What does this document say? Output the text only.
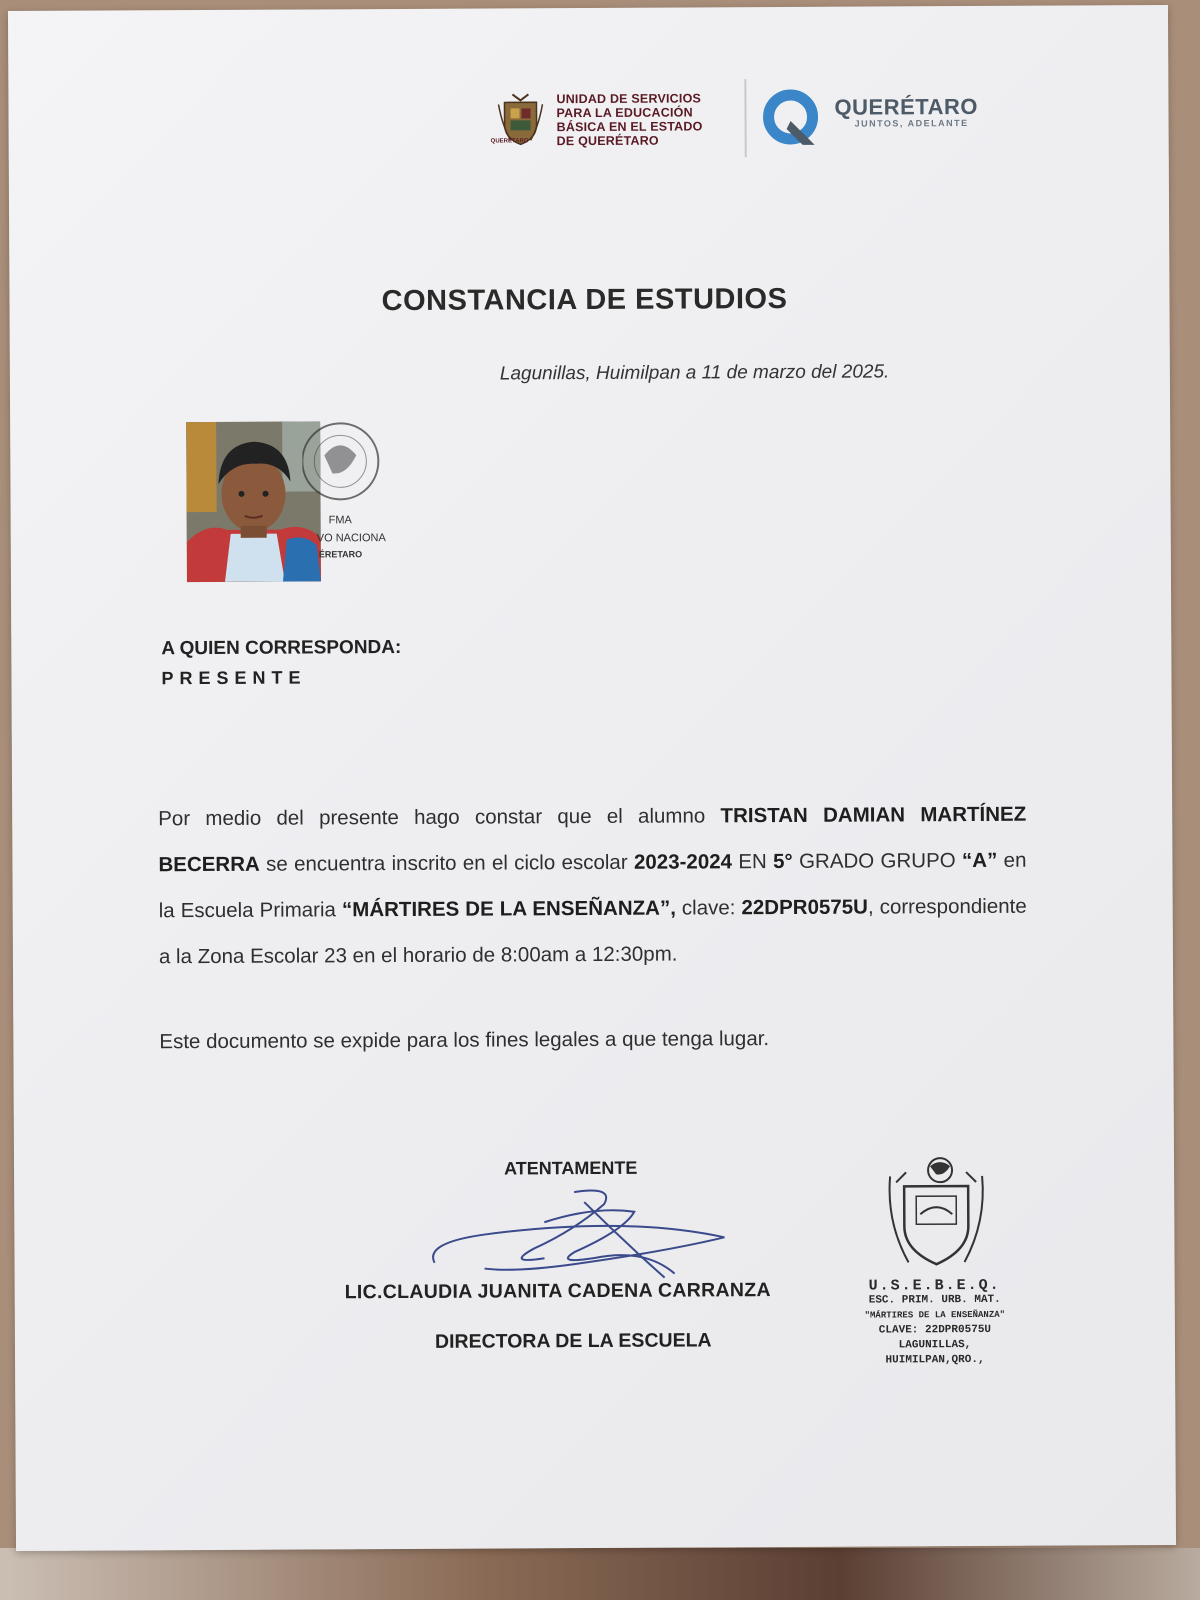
QUERÉTARO
UNIDAD DE SERVICIOS
PARA LA EDUCACIÓN
BÁSICA EN EL ESTADO
DE QUERÉTARO
QUERÉTARO
JUNTOS, ADELANTE
CONSTANCIA DE ESTUDIOS
Lagunillas, Huimilpan a 11 de marzo del 2025.
FMA
VO NACIONA
ÉRETARO
A QUIEN CORRESPONDA:
PRESENTE
Por medio del presente hago constar que el alumno TRISTAN DAMIAN MARTÍNEZ BECERRA se encuentra inscrito en el ciclo escolar 2023-2024 EN 5° GRADO GRUPO “A” en la Escuela Primaria “MÁRTIRES DE LA ENSEÑANZA”, clave: 22DPR0575U, correspondiente a la Zona Escolar 23 en el horario de 8:00am a 12:30pm.
Este documento se expide para los fines legales a que tenga lugar.
ATENTAMENTE
LIC.CLAUDIA JUANITA CADENA CARRANZA
DIRECTORA DE LA ESCUELA
U.S.E.B.E.Q.
ESC. PRIM. URB. MAT.
"MÁRTIRES DE LA ENSEÑANZA"
CLAVE: 22DPR0575U
LAGUNILLAS,
HUIMILPAN,QRO.,
